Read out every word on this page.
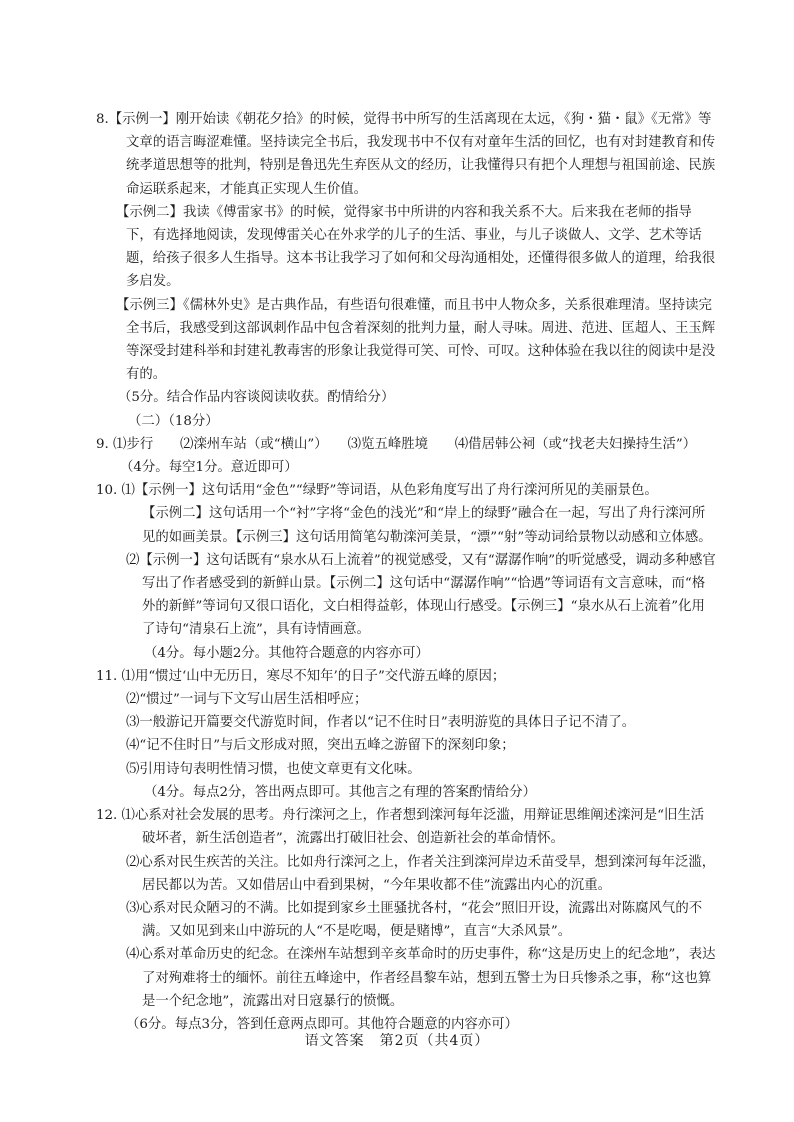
8.【示例一】刚开始读《朝花夕拾》的时候，觉得书中所写的生活离现在太远，《狗・猫・鼠》《无常》等文章的语言晦涩难懂。坚持读完全书后，我发现书中不仅有对童年生活的回忆，也有对封建教育和传统孝道思想等的批判，特别是鲁迅先生弃医从文的经历，让我懂得只有把个人理想与祖国前途、民族命运联系起来，才能真正实现人生价值。

【示例二】我读《傅雷家书》的时候，觉得家书中所讲的内容和我关系不大。后来我在老师的指导下，有选择地阅读，发现傅雷关心在外求学的儿子的生活、事业，与儿子谈做人、文学、艺术等话题，给孩子很多人生指导。这本书让我学习了如何和父母沟通相处，还懂得很多做人的道理，给我很多启发。

【示例三】《儒林外史》是古典作品，有些语句很难懂，而且书中人物众多，关系很难理清。坚持读完全书后，我感受到这部讽刺作品中包含着深刻的批判力量，耐人寻味。周进、范进、匡超人、王玉辉等深受封建科举和封建礼教毒害的形象让我觉得可笑、可怜、可叹。这种体验在我以往的阅读中是没有的。

（5分。结合作品内容谈阅读收获。酌情给分）

（二）（18分）

9. ⑴步行　　⑵滦州车站（或“横山”）　　⑶览五峰胜境　　⑷借居韩公祠（或“找老夫妇操持生活”）

（4分。每空1分。意近即可）

10. ⑴【示例一】这句话用“金色”“绿野”等词语，从色彩角度写出了舟行滦河所见的美丽景色。

【示例二】这句话用一个“衬”字将“金色的浅光”和“岸上的绿野”融合在一起，写出了舟行滦河所见的如画美景。【示例三】这句话用简笔勾勒滦河美景，“漂”“射”等动词给景物以动感和立体感。

⑵【示例一】这句话既有“泉水从石上流着”的视觉感受，又有“潺潺作响”的听觉感受，调动多种感官写出了作者感受到的新鲜山景。【示例二】这句话中“潺潺作响”“恰遇”等词语有文言意味，而“格外的新鲜”等词句又很口语化，文白相得益彰，体现山行感受。【示例三】“泉水从石上流着”化用了诗句“清泉石上流”，具有诗情画意。

（4分。每小题2分。其他符合题意的内容亦可）

11. ⑴用“惯过‘山中无历日，寒尽不知年’的日子”交代游五峰的原因；

⑵“惯过”一词与下文写山居生活相呼应；

⑶一般游记开篇要交代游览时间，作者以“记不住时日”表明游览的具体日子记不清了。

⑷“记不住时日”与后文形成对照，突出五峰之游留下的深刻印象；

⑸引用诗句表明性情习惯，也使文章更有文化味。

（4分。每点2分，答出两点即可。其他言之有理的答案酌情给分）

12. ⑴心系对社会发展的思考。舟行滦河之上，作者想到滦河每年泛滥，用辩证思维阐述滦河是“旧生活破坏者，新生活创造者”，流露出打破旧社会、创造新社会的革命情怀。

⑵心系对民生疾苦的关注。比如舟行滦河之上，作者关注到滦河岸边禾苗受旱，想到滦河每年泛滥，居民都以为苦。又如借居山中看到果树，“今年果收都不佳”流露出内心的沉重。

⑶心系对民众陋习的不满。比如提到家乡土匪骚扰各村，“花会”照旧开设，流露出对陈腐风气的不满。又如见到来山中游玩的人“不是吃喝，便是赌博”，直言“大杀风景”。

⑷心系对革命历史的纪念。在滦州车站想到辛亥革命时的历史事件，称“这是历史上的纪念地”，表达了对殉难将士的缅怀。前往五峰途中，作者经昌黎车站，想到五警士为日兵惨杀之事，称“这也算是一个纪念地”，流露出对日寇暴行的愤慨。

（6分。每点3分，答到任意两点即可。其他符合题意的内容亦可）

语文答案　第2页（共4页）
